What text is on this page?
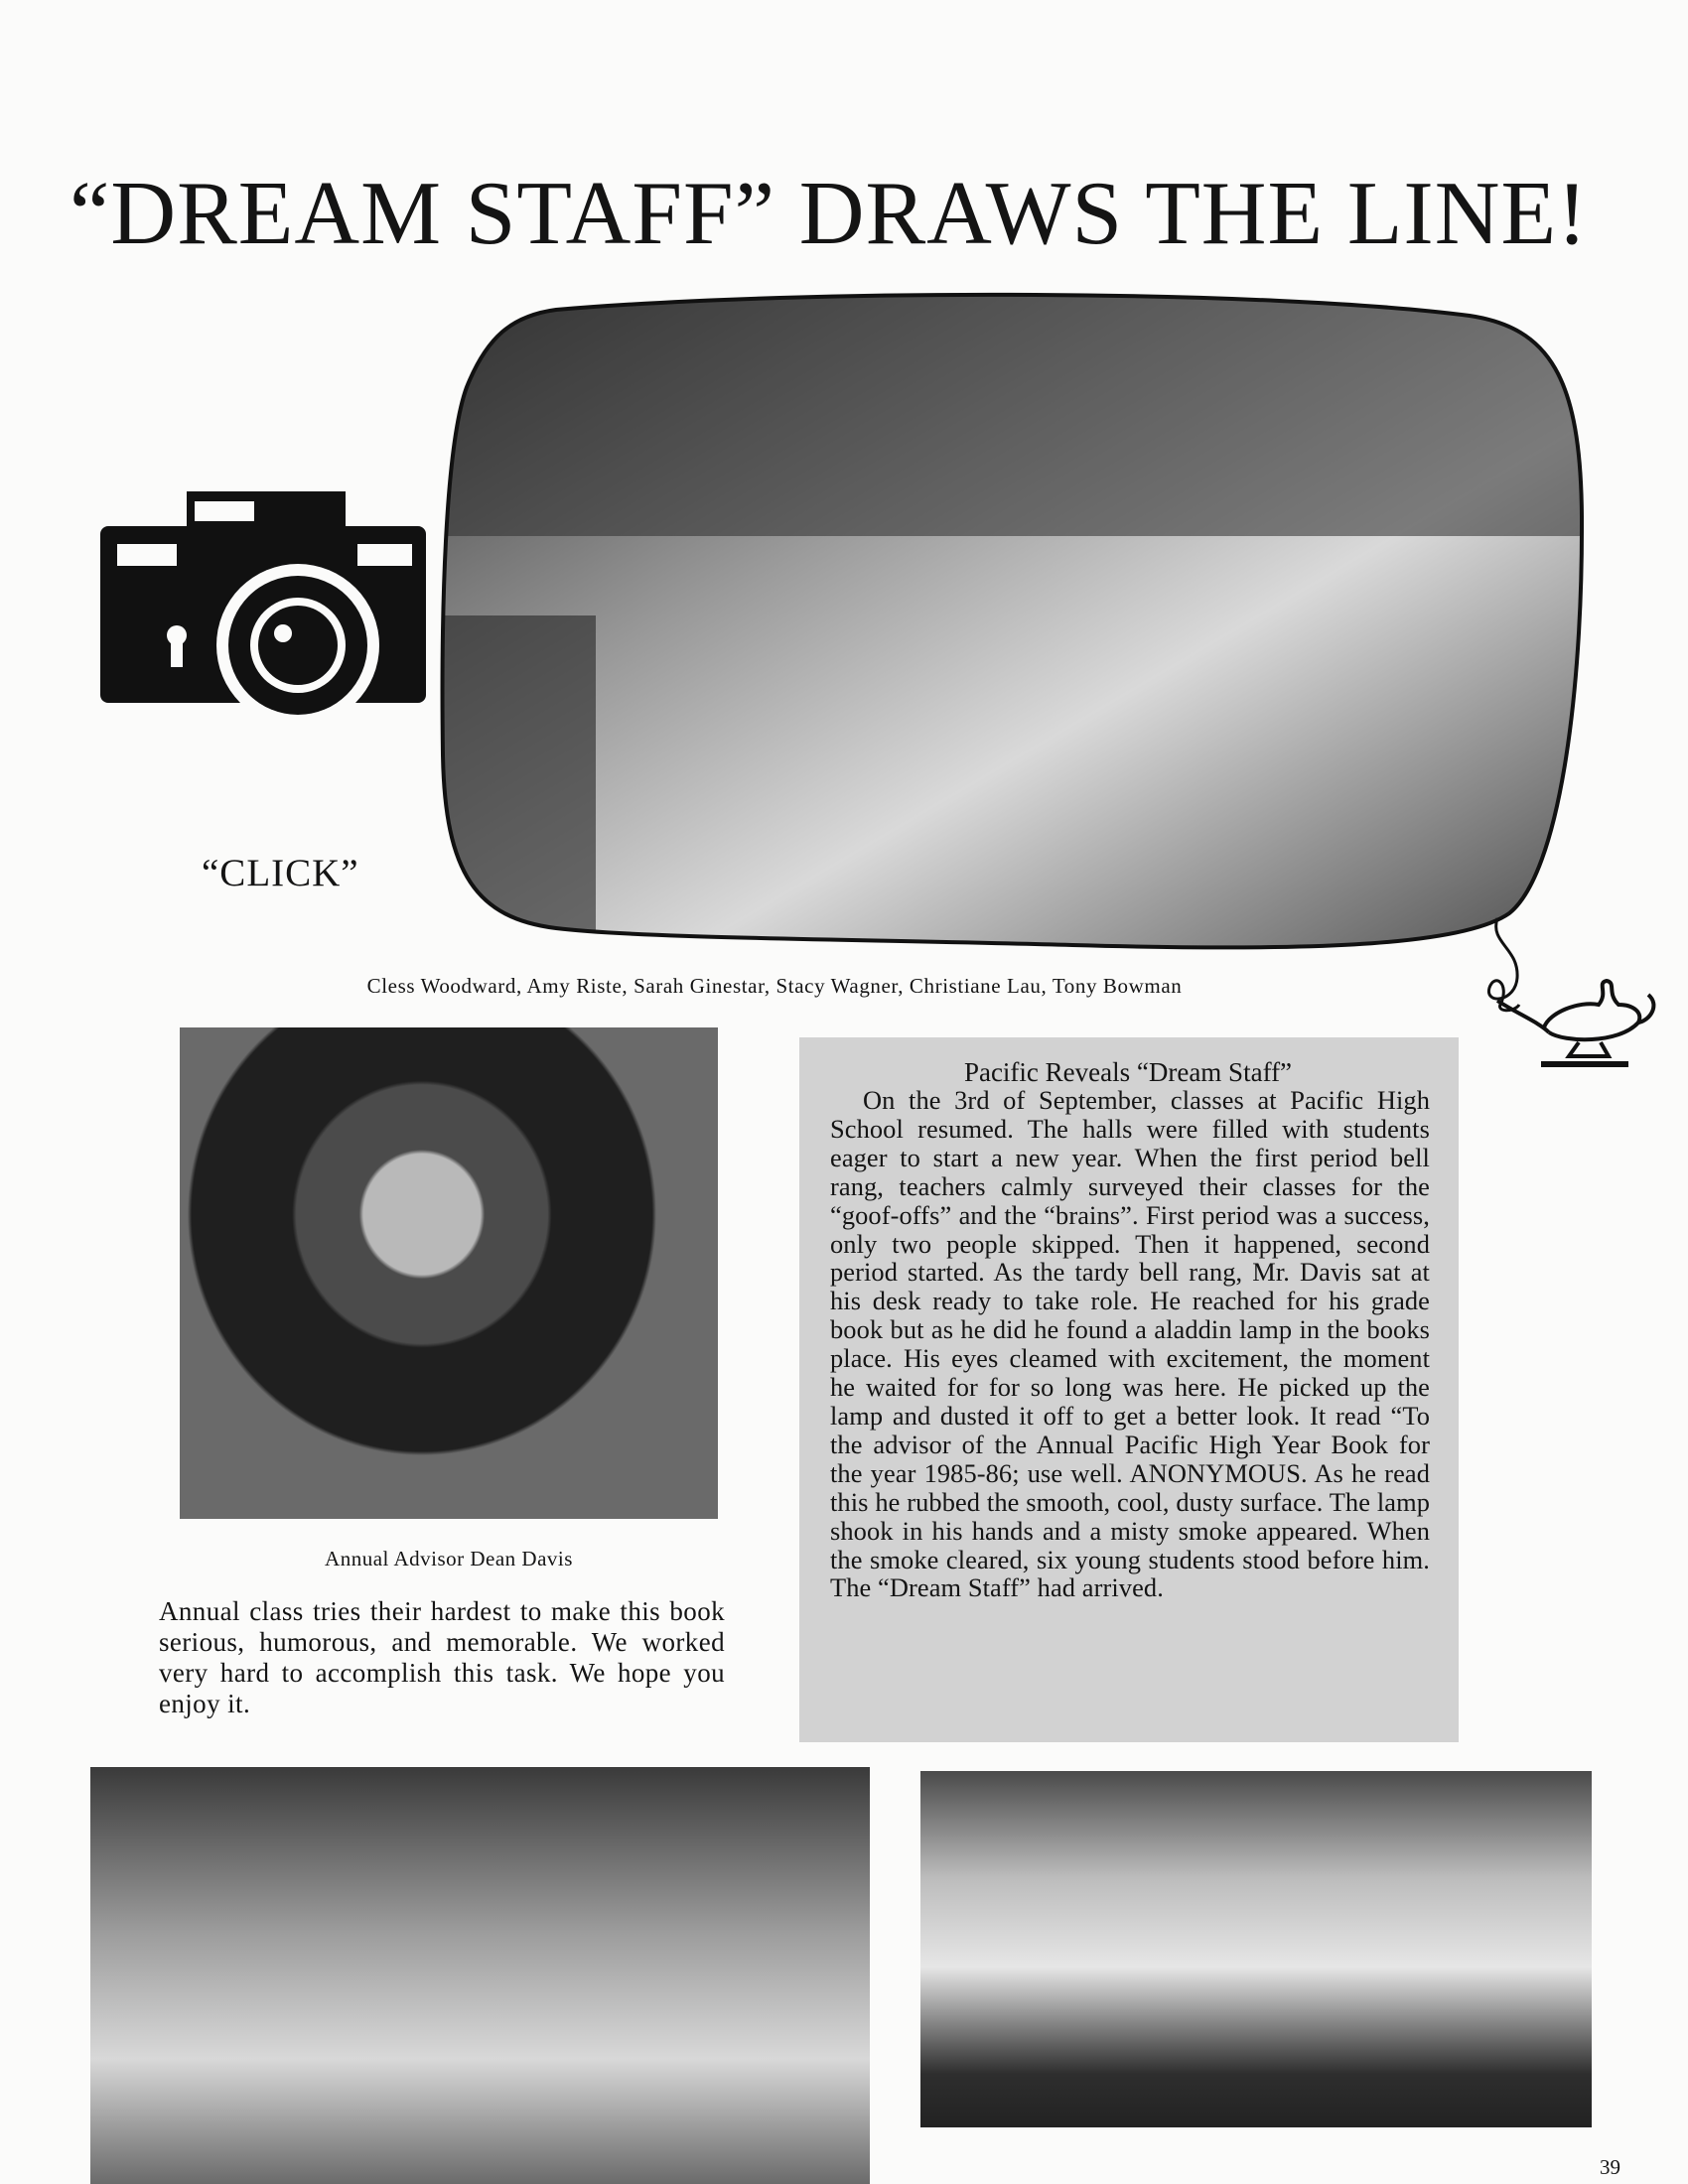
“DREAM STAFF” DRAWS THE LINE!
“CLICK”
Cless Woodward, Amy Riste, Sarah Ginestar, Stacy Wagner, Christiane Lau, Tony Bowman
Annual Advisor Dean Davis
Annual class tries their hardest to make this book serious, humorous, and memorable. We worked very hard to accomplish this task. We hope you enjoy it.
Pacific Reveals “Dream Staff”
On the 3rd of September, classes at Pacific High School resumed. The halls were filled with students eager to start a new year. When the first period bell rang, teachers calmly surveyed their classes for the “goof-offs” and the “brains”. First period was a success, only two people skipped. Then it happened, second period started. As the tardy bell rang, Mr. Davis sat at his desk ready to take role. He reached for his grade book but as he did he found a aladdin lamp in the books place. His eyes cleamed with excitement, the moment he waited for for so long was here. He picked up the lamp and dusted it off to get a better look. It read “To the advisor of the Annual Pacific High Year Book for the year 1985-86; use well. ANONYMOUS. As he read this he rubbed the smooth, cool, dusty surface. The lamp shook in his hands and a misty smoke appeared. When the smoke cleared, six young students stood before him. The “Dream Staff” had arrived.
39
